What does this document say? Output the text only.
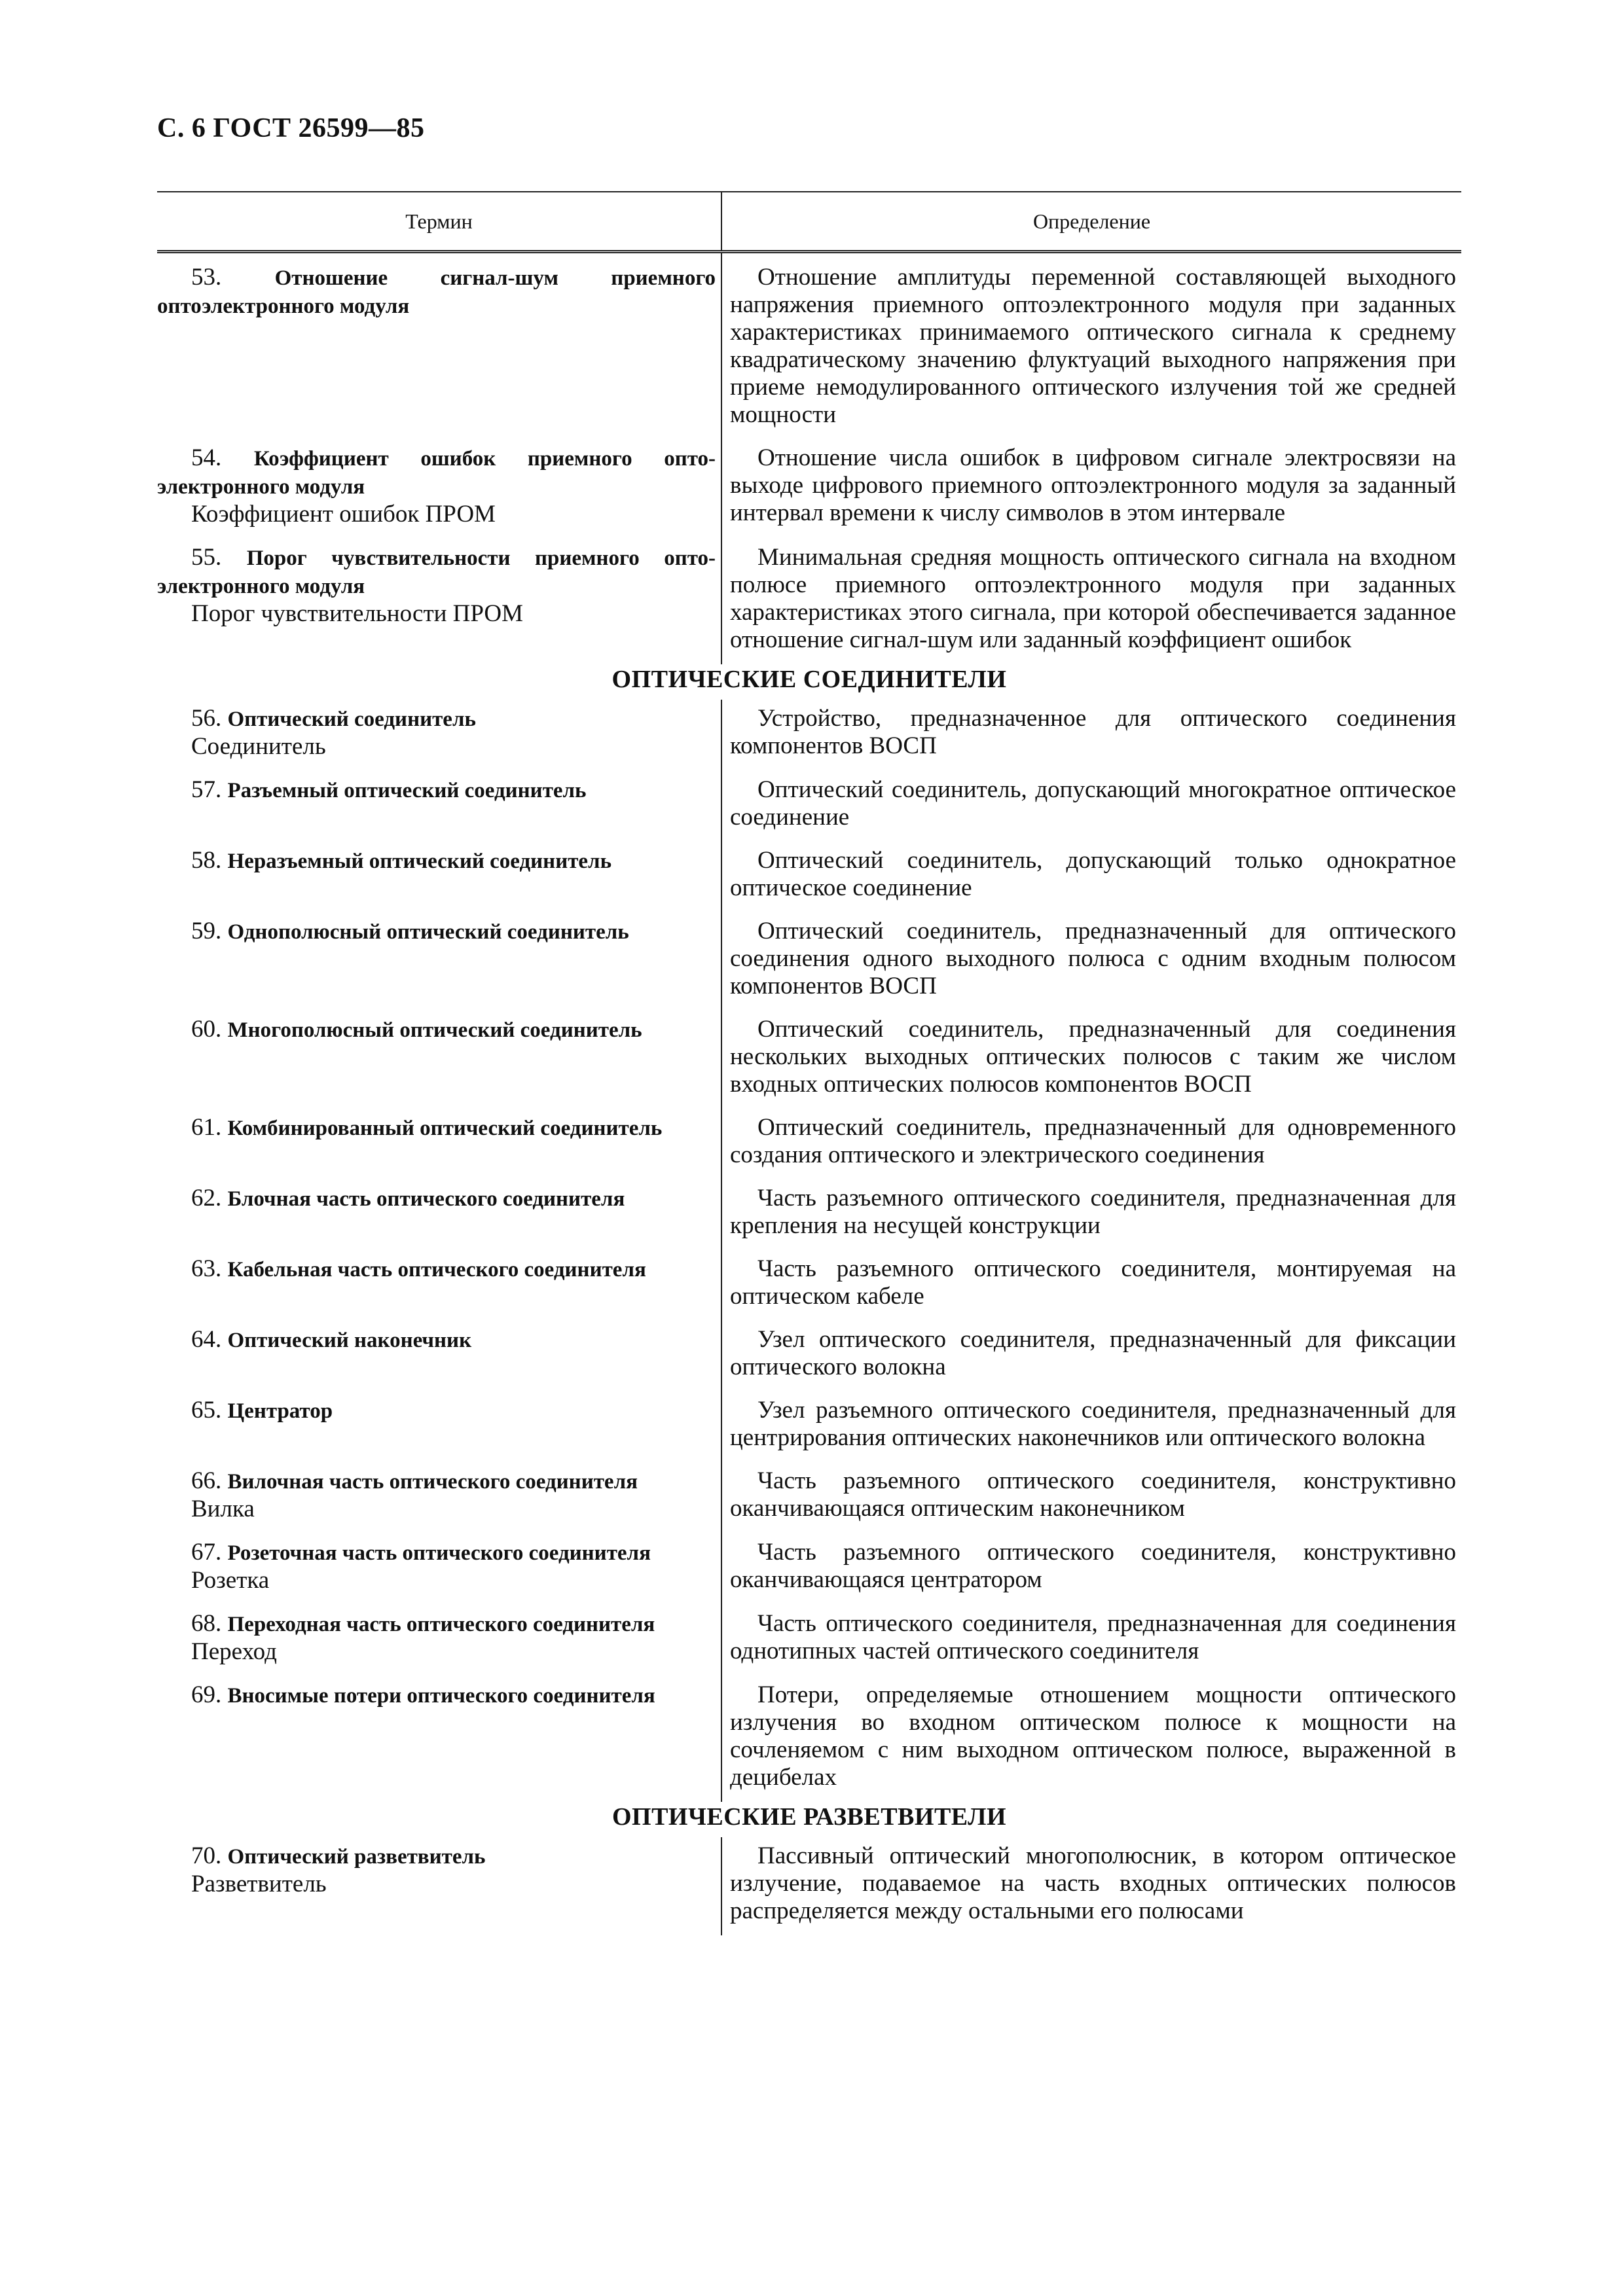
С. 6 ГОСТ 26599—85
Термин	Определение

53. Отношение сигнал-шум приемного оптоэлектронного модуля	Отношение амплитуды переменной составляющей выходного напряжения приемного оптоэлектронного модуля при заданных характеристиках принимаемого оптического сигнала к среднему квадратическому значению флуктуаций выходного напряжения при приеме немодулированного оптического излучения той же средней мощности

54. Коэффициент ошибок приемного оптоэлектронного модуля
Коэффициент ошибок ПРОМ	Отношение числа ошибок в цифровом сигнале электросвязи на выходе цифрового приемного оптоэлектронного модуля за заданный интервал времени к числу символов в этом интервале

55. Порог чувствительности приемного оптоэлектронного модуля
Порог чувствительности ПРОМ	Минимальная средняя мощность оптического сигнала на входном полюсе приемного оптоэлектронного модуля при заданных характеристиках этого сигнала, при которой обеспечивается заданное отношение сигнал-шум или заданный коэффициент ошибок

ОПТИЧЕСКИЕ СОЕДИНИТЕЛИ	

56. Оптический соединитель
Соединитель	Устройство, предназначенное для оптического соединения компонентов ВОСП

57. Разъемный оптический соединитель	Оптический соединитель, допускающий многократное оптическое соединение

58. Неразъемный оптический соединитель	Оптический соединитель, допускающий только однократное оптическое соединение

59. Однополюсный оптический соединитель	Оптический соединитель, предназначенный для оптического соединения одного выходного полюса с одним входным полюсом компонентов ВОСП

60. Многополюсный оптический соединитель	Оптический соединитель, предназначенный для соединения нескольких выходных оптических полюсов с таким же числом входных оптических полюсов компонентов ВОСП

61. Комбинированный оптический соединитель	Оптический соединитель, предназначенный для одновременного создания оптического и электрического соединения

62. Блочная часть оптического соединителя	Часть разъемного оптического соединителя, предназначенная для крепления на несущей конструкции

63. Кабельная часть оптического соединителя	Часть разъемного оптического соединителя, монтируемая на оптическом кабеле

64. Оптический наконечник	Узел оптического соединителя, предназначенный для фиксации оптического волокна

65. Центратор	Узел разъемного оптического соединителя, предназначенный для центрирования оптических наконечников или оптического волокна

66. Вилочная часть оптического соединителя
Вилка	Часть разъемного оптического соединителя, конструктивно оканчивающаяся оптическим наконечником

67. Розеточная часть оптического соединителя
Розетка	Часть разъемного оптического соединителя, конструктивно оканчивающаяся центратором

68. Переходная часть оптического соединителя
Переход	Часть оптического соединителя, предназначенная для соединения однотипных частей оптического соединителя

69. Вносимые потери оптического соединителя	Потери, определяемые отношением мощности оптического излучения во входном оптическом полюсе к мощности на сочленяемом с ним выходном оптическом полюсе, выраженной в децибелах

ОПТИЧЕСКИЕ РАЗВЕТВИТЕЛИ	

70. Оптический разветвитель
Разветвитель	Пассивный оптический многополюсник, в котором оптическое излучение, подаваемое на часть входных оптических полюсов распределяется между остальными его полюсами
